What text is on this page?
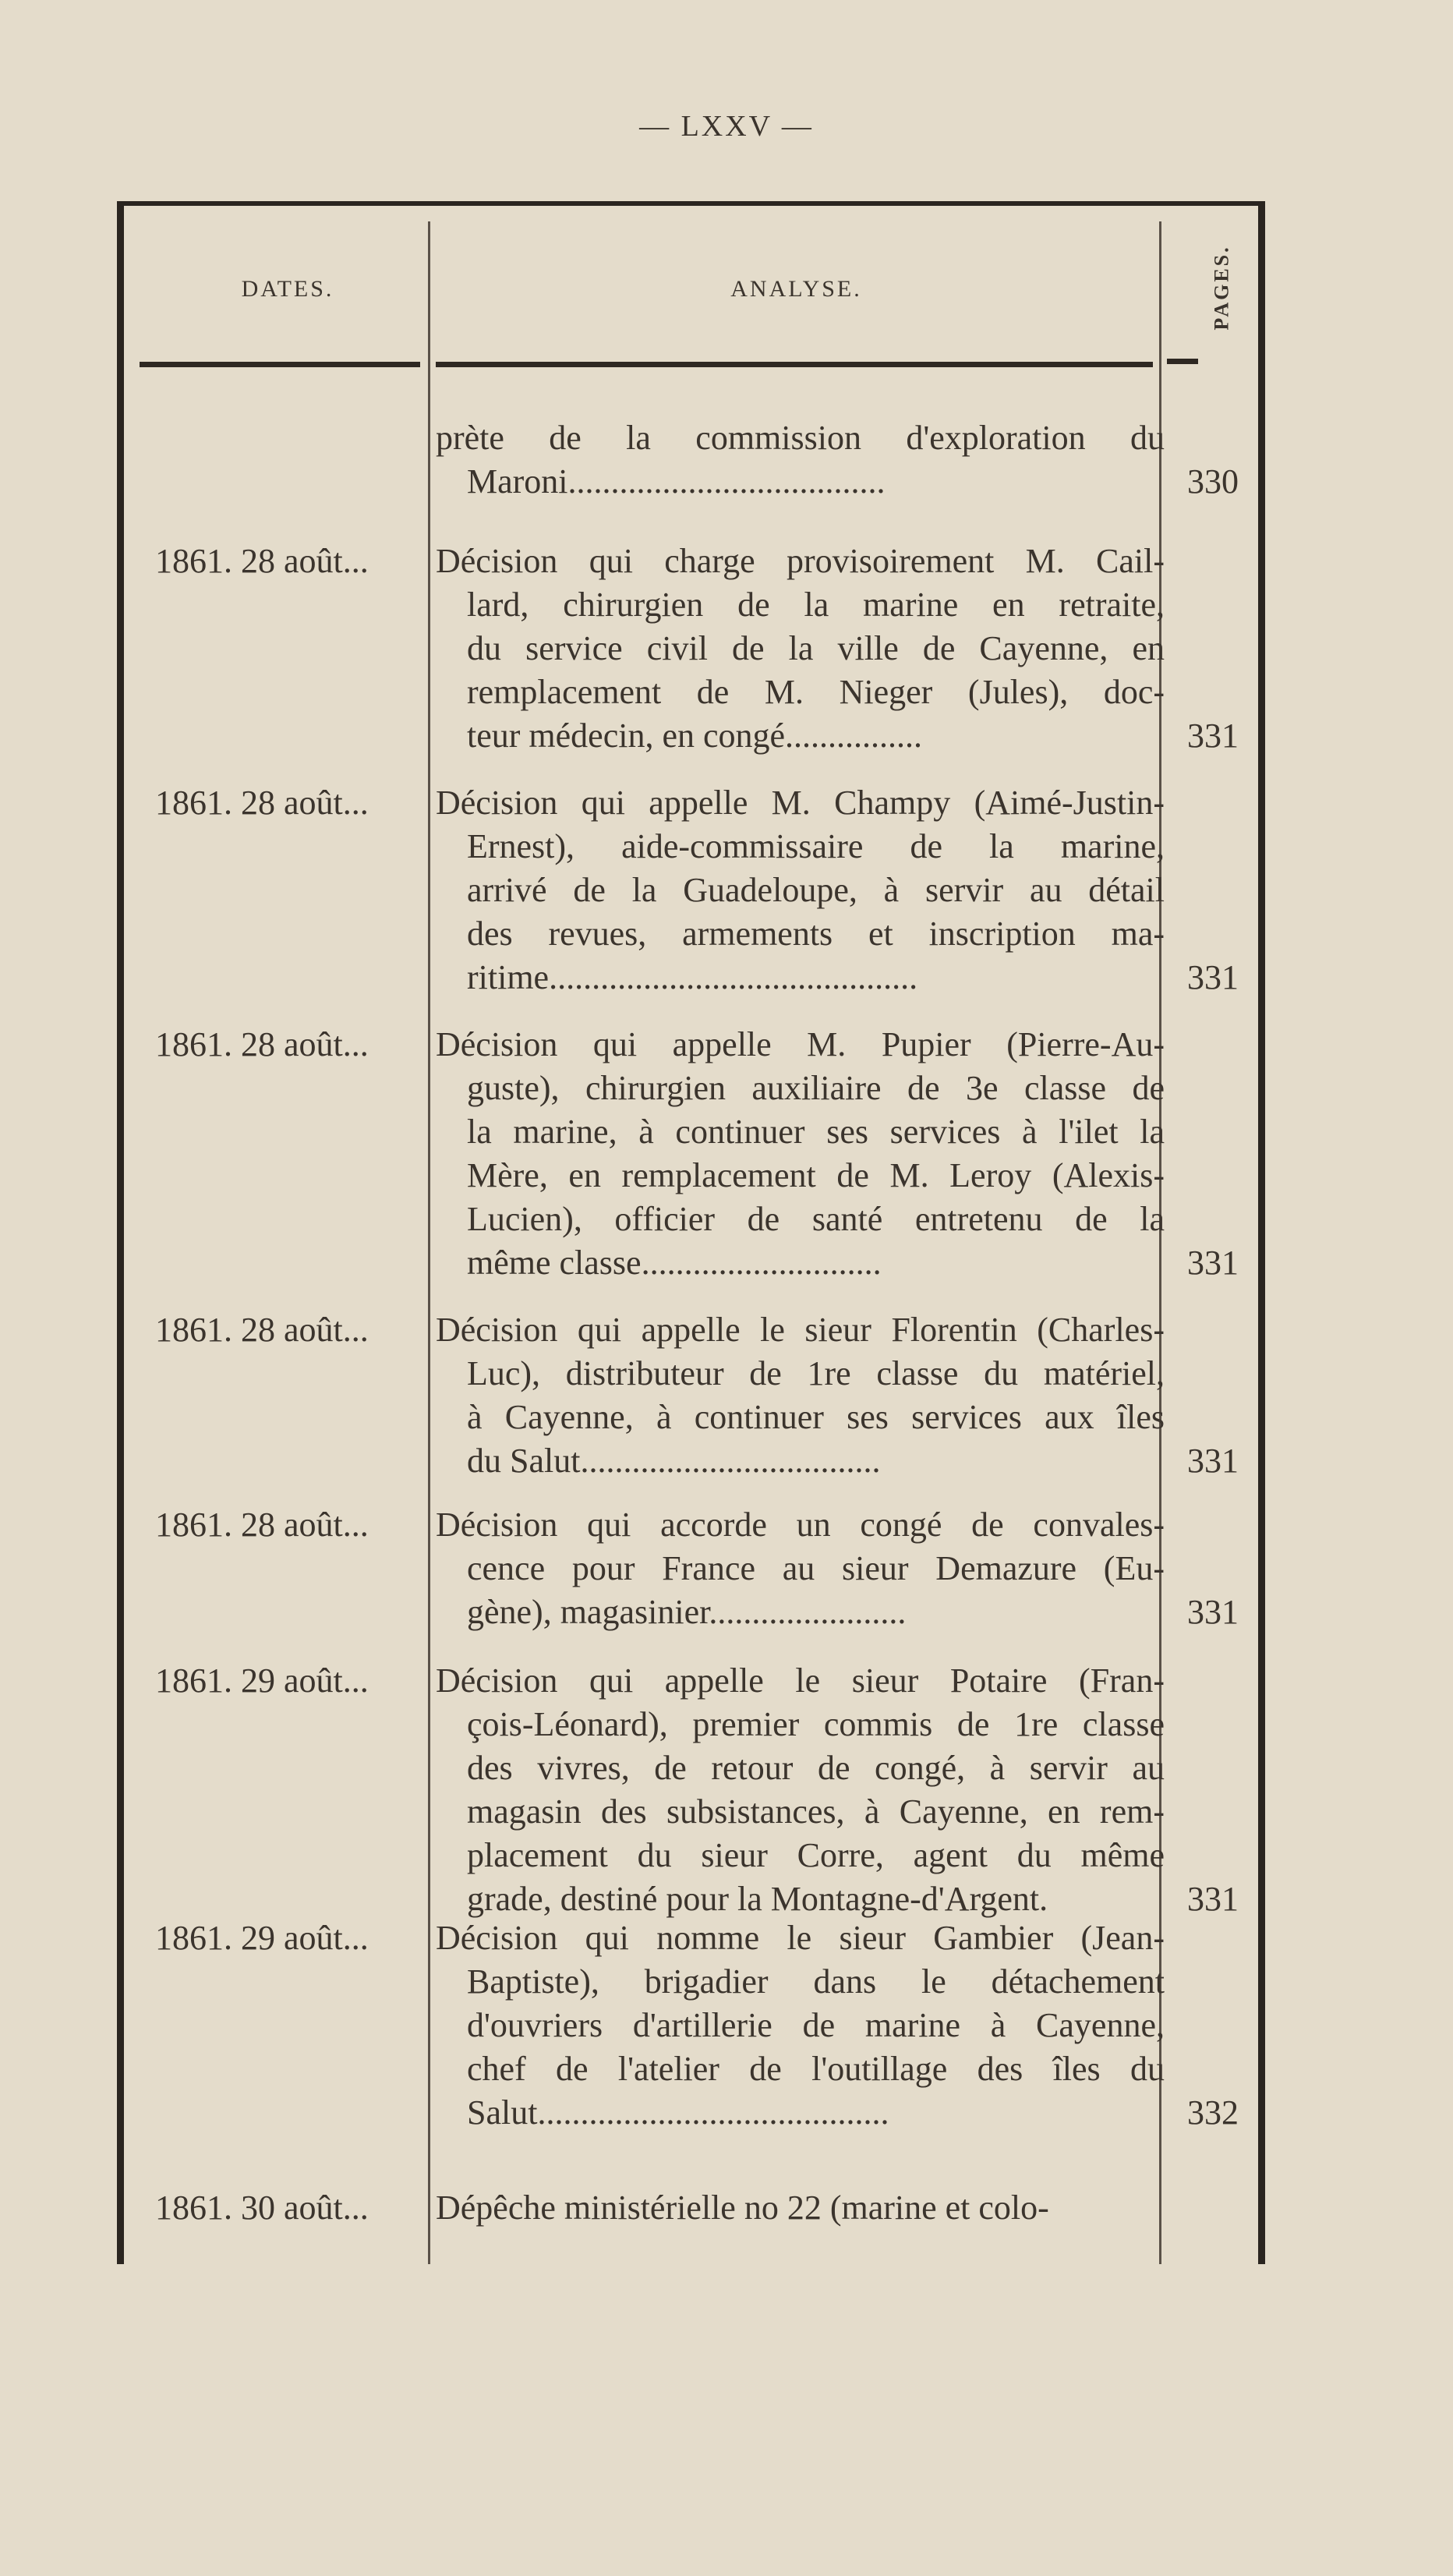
— LXXV —
DATES.	ANALYSE.	PAGES.
prète de la commission d'exploration du
Maroni.....................................	330
1861. 28 août...	Décision qui charge provisoirement M. Cail-
lard, chirurgien de la marine en retraite,
du service civil de la ville de Cayenne, en
remplacement de M. Nieger (Jules), doc-
teur médecin, en congé................	331
1861. 28 août...	Décision qui appelle M. Champy (Aimé-Justin-
Ernest), aide-commissaire de la marine,
arrivé de la Guadeloupe, à servir au détail
des revues, armements et inscription ma-
ritime...........................................	331
1861. 28 août...	Décision qui appelle M. Pupier (Pierre-Au-
guste), chirurgien auxiliaire de 3e classe de
la marine, à continuer ses services à l'ilet la
Mère, en remplacement de M. Leroy (Alexis-
Lucien), officier de santé entretenu de la
même classe............................	331
1861. 28 août...	Décision qui appelle le sieur Florentin (Charles-
Luc), distributeur de 1re classe du matériel,
à Cayenne, à continuer ses services aux îles
du Salut...................................	331
1861. 28 août...	Décision qui accorde un congé de convales-
cence pour France au sieur Demazure (Eu-
gène), magasinier.......................	331
1861. 29 août...	Décision qui appelle le sieur Potaire (Fran-
çois-Léonard), premier commis de 1re classe
des vivres, de retour de congé, à servir au
magasin des subsistances, à Cayenne, en rem-
placement du sieur Corre, agent du même
grade, destiné pour la Montagne-d'Argent.	331
1861. 29 août...	Décision qui nomme le sieur Gambier (Jean-
Baptiste), brigadier dans le détachement
d'ouvriers d'artillerie de marine à Cayenne,
chef de l'atelier de l'outillage des îles du
Salut.........................................	332
1861. 30 août...	Dépêche ministérielle no 22 (marine et colo-
